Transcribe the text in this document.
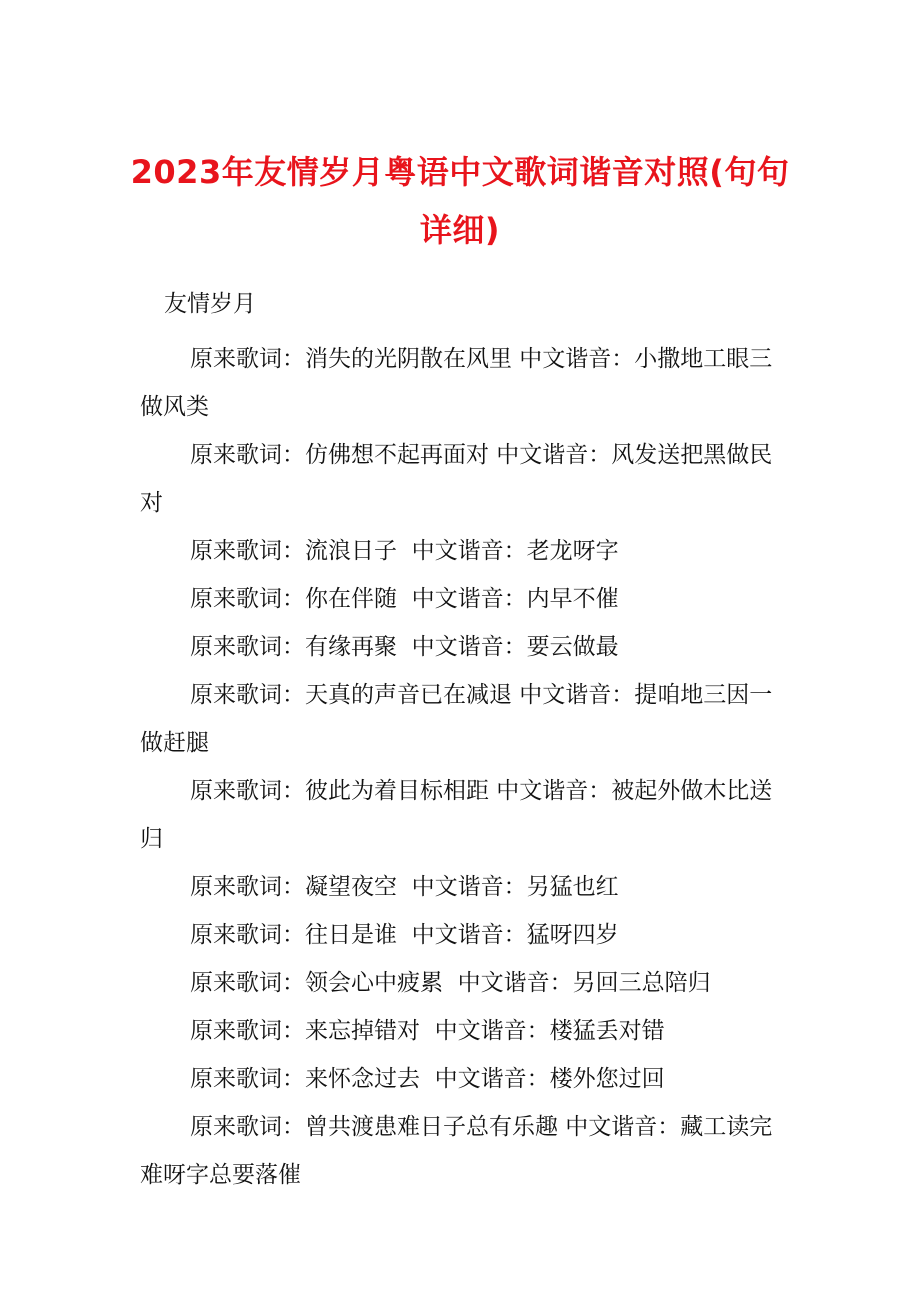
2023年友情岁月粤语中文歌词谐音对照(句句详细)
友情岁月
原来歌词：消失的光阴散在风里 中文谐音：小撒地工眼三做风类
原来歌词：仿佛想不起再面对 中文谐音：风发送把黑做民对
原来歌词：流浪日子  中文谐音：老龙呀字
原来歌词：你在伴随  中文谐音：内早不催
原来歌词：有缘再聚  中文谐音：要云做最
原来歌词：天真的声音已在减退 中文谐音：提咱地三因一做赶腿
原来歌词：彼此为着目标相距 中文谐音：被起外做木比送归
原来歌词：凝望夜空  中文谐音：另猛也红
原来歌词：往日是谁  中文谐音：猛呀四岁
原来歌词：领会心中疲累  中文谐音：另回三总陪归
原来歌词：来忘掉错对  中文谐音：楼猛丢对错
原来歌词：来怀念过去  中文谐音：楼外您过回
原来歌词：曾共渡患难日子总有乐趣 中文谐音：藏工读完难呀字总要落催
